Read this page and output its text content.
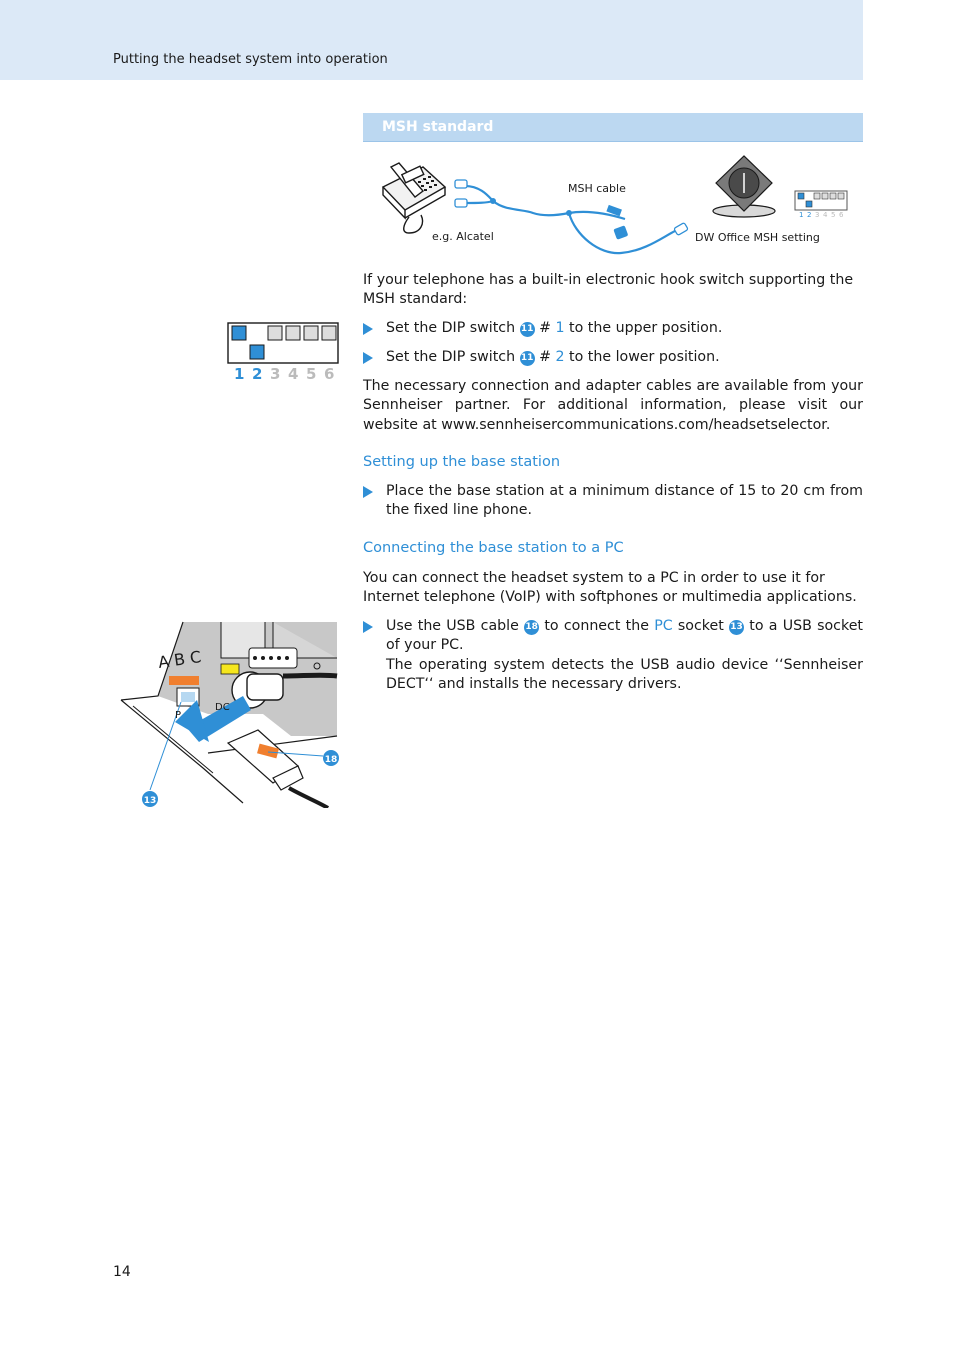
Putting the headset system into operation
MSH standard
MSH cable
e.g. Alcatel
1 2 3 4 5 6
DW Office MSH setting
1 2 3 4 5 6
If your telephone has a built-in electronic hook switch supporting the MSH standard:
Set the DIP switch 11 # 1 to the upper position.
Set the DIP switch 11 # 2 to the lower position.
The necessary connection and adapter cables are available from your Sennheiser partner. For additional information, please visit our website at www.sennheisercommunications.com/headsetselector.
Setting up the base station
Place the base station at a minimum distance of 15 to 20 cm from the fixed line phone.
Connecting the base station to a PC
You can connect the headset system to a PC in order to use it for Internet telephone (VoIP) with softphones or multimedia applications.
Use the USB cable 18 to connect the PC socket 13 to a USB socket of your PC.
The operating system detects the USB audio device ‘‘Sennheiser DECT‘‘ and installs the necessary drivers.
A B C
P
DC
18
13
14
